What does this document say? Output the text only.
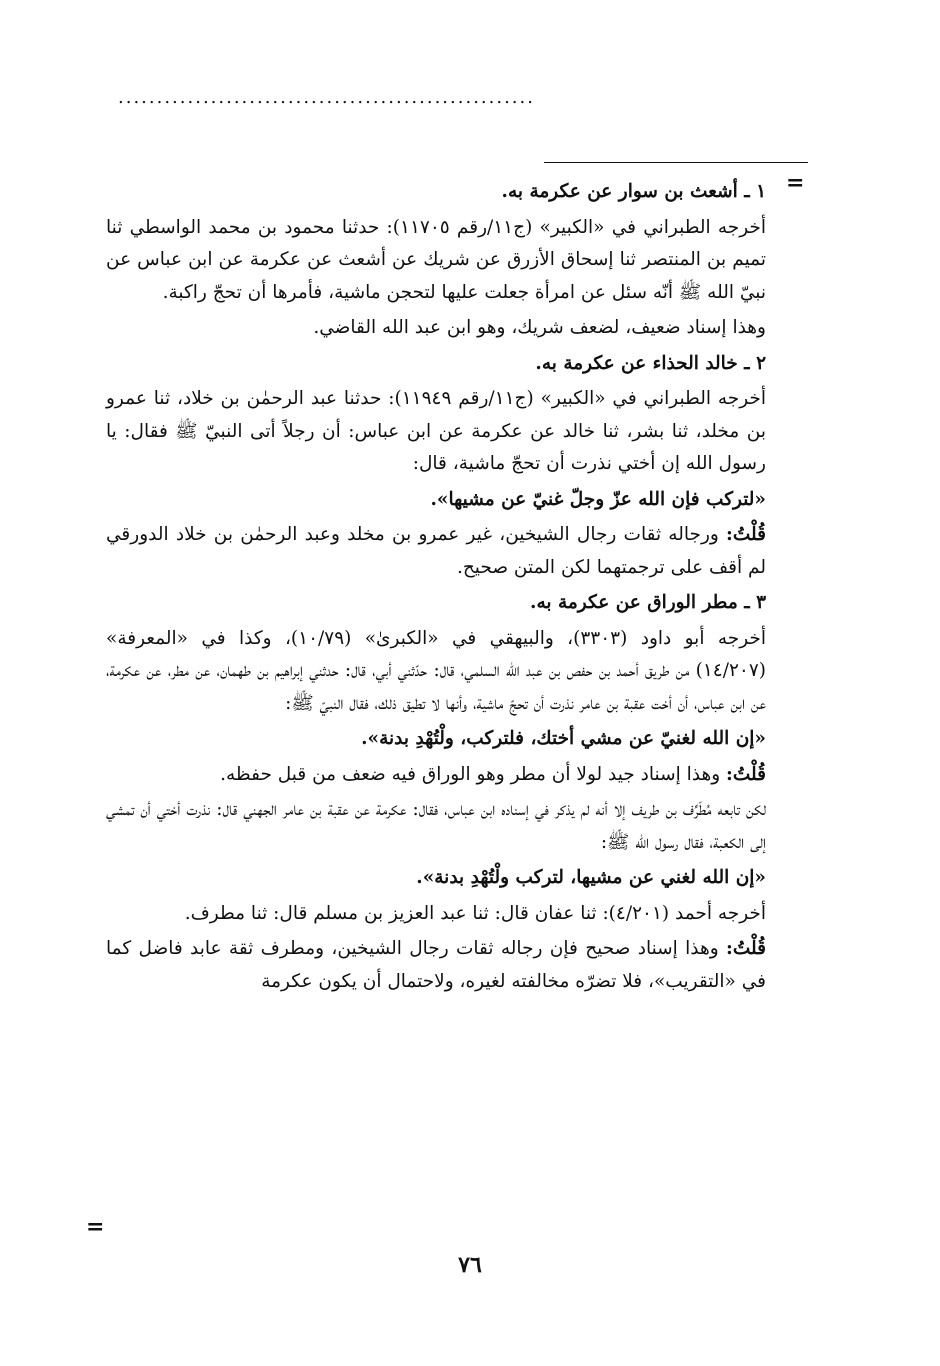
......................................................
=

١ ـ أشعث بن سوار عن عكرمة به.

أخرجه الطبراني في «الكبير» (ج١١/رقم ١١٧٠٥): حدثنا محمود بن محمد الواسطي ثنا تميم بن المنتصر ثنا إسحاق الأزرق عن شريك عن أشعث عن عكرمة عن ابن عباس عن نبيّ الله ﷺ أنّه سئل عن امرأة جعلت عليها لتحجن ماشية، فأمرها أن تحجّ راكبة.

وهذا إسناد ضعيف، لضعف شريك، وهو ابن عبد الله القاضي.

٢ ـ خالد الحذاء عن عكرمة به.

أخرجه الطبراني في «الكبير» (ج١١/رقم ١١٩٤٩): حدثنا عبد الرحمٰن بن خلاد، ثنا عمرو بن مخلد، ثنا بشر، ثنا خالد عن عكرمة عن ابن عباس: أن رجلاً أتى النبيّ ﷺ فقال: يا رسول الله إن أختي نذرت أن تحجّ ماشية، قال:

«لتركب فإن الله عزّ وجلّ غنيّ عن مشيها».

قُلْتُ: ورجاله ثقات رجال الشيخين، غير عمرو بن مخلد وعبد الرحمٰن بن خلاد الدورقي لم أقف على ترجمتهما لكن المتن صحيح.

٣ ـ مطر الوراق عن عكرمة به.

أخرجه أبو داود (٣٣٠٣)، والبيهقي في «الكبرىٰ» (١٠/٧٩)، وكذا في «المعرفة» (١٤/٢٠٧) من طريق أحمد بن حفص بن عبد الله السلمي، قال: حدّثني أبي، قال: حدثني إبراهيم بن طهمان، عن مطر، عن عكرمة، عن ابن عباس، أن أخت عقبة بن عامر نذرت أن تحجّ ماشية، وأنها لا تطيق ذلك، فقال النبيّ ﷺ:

«إن الله لغنيّ عن مشي أختك، فلتركب، ولْتُهْدِ بدنة».

قُلْتُ: وهذا إسناد جيد لولا أن مطر وهو الوراق فيه ضعف من قبل حفظه.

لكن تابعه مُطَرِّف بن طريف إلا أنه لم يذكر في إسناده ابن عباس، فقال: عكرمة عن عقبة بن عامر الجهني قال: نذرت أختي أن تمشي إلى الكعبة، فقال رسول الله ﷺ:

«إن الله لغني عن مشيها، لتركب ولْتُهْدِ بدنة».

أخرجه أحمد (٤/٢٠١): ثنا عفان قال: ثنا عبد العزيز بن مسلم قال: ثنا مطرف.

قُلْتُ: وهذا إسناد صحيح فإن رجاله ثقات رجال الشيخين، ومطرف ثقة عابد فاضل كما في «التقريب»، فلا تضرّه مخالفته لغيره، ولاحتمال أن يكون عكرمة

=
٧٦
